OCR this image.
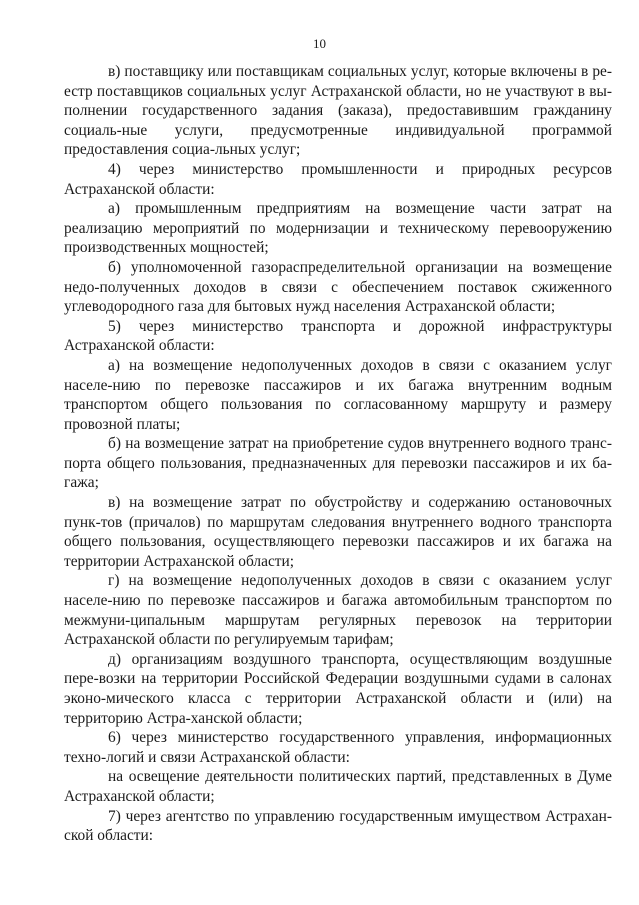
10

в) поставщику или поставщикам социальных услуг, которые включены в ре-естр поставщиков социальных услуг Астраханской области, но не участвуют в вы-полнении государственного задания (заказа), предоставившим гражданину социаль-ные услуги, предусмотренные индивидуальной программой предоставления социа-льных услуг;

4) через министерство промышленности и природных ресурсов Астраханской области:

а) промышленным предприятиям на возмещение части затрат на реализацию мероприятий по модернизации и техническому перевооружению производственных мощностей;

б) уполномоченной газораспределительной организации на возмещение недо-полученных доходов в связи с обеспечением поставок сжиженного углеводородного газа для бытовых нужд населения Астраханской области;

5) через министерство транспорта и дорожной инфраструктуры Астраханской области:

а) на возмещение недополученных доходов в связи с оказанием услуг населе-нию по перевозке пассажиров и их багажа внутренним водным транспортом общего пользования по согласованному маршруту и размеру провозной платы;

б) на возмещение затрат на приобретение судов внутреннего водного транс-порта общего пользования, предназначенных для перевозки пассажиров и их ба-гажа;

в) на возмещение затрат по обустройству и содержанию остановочных пунк-тов (причалов) по маршрутам следования внутреннего водного транспорта общего пользования, осуществляющего перевозки пассажиров и их багажа на территории Астраханской области;

г) на возмещение недополученных доходов в связи с оказанием услуг населе-нию по перевозке пассажиров и багажа автомобильным транспортом по межмуни-ципальным маршрутам регулярных перевозок на территории Астраханской области по регулируемым тарифам;

д) организациям воздушного транспорта, осуществляющим воздушные пере-возки на территории Российской Федерации воздушными судами в салонах эконо-мического класса с территории Астраханской области и (или) на территорию Астра-ханской области;

6) через министерство государственного управления, информационных техно-логий и связи Астраханской области:

на освещение деятельности политических партий, представленных в Думе Астраханской области;

7) через агентство по управлению государственным имуществом Астрахан-ской области:
